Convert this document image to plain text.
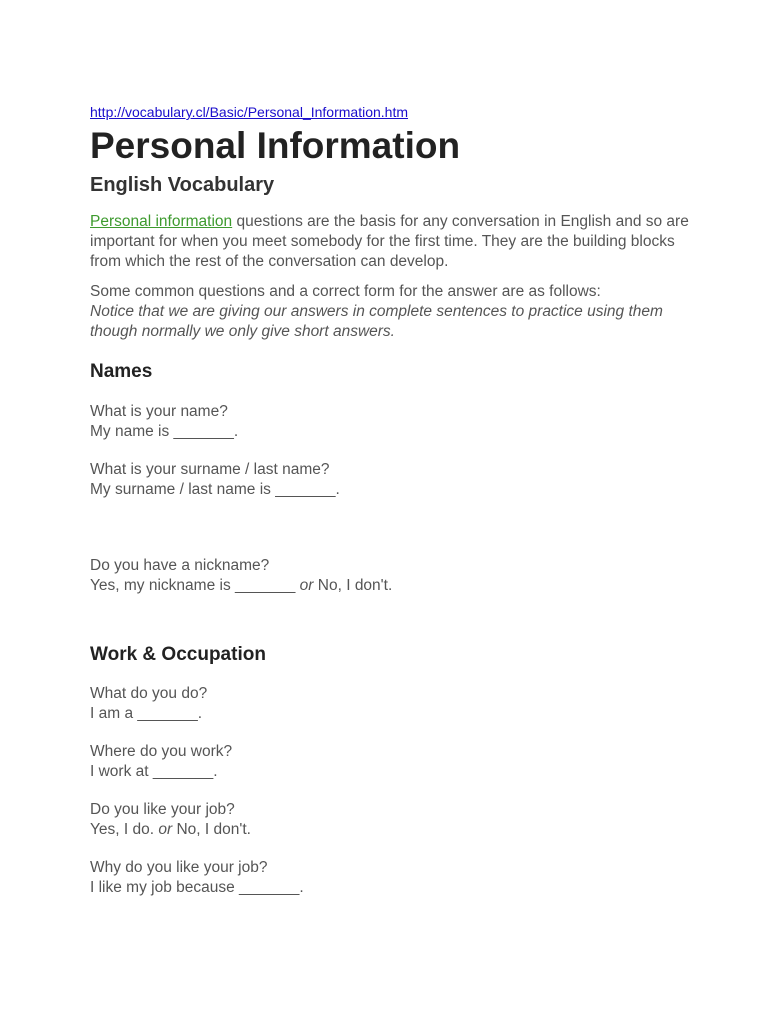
http://vocabulary.cl/Basic/Personal_Information.htm
Personal Information
English Vocabulary

Personal information questions are the basis for any conversation in English and so are important for when you meet somebody for the first time. They are the building blocks from which the rest of the conversation can develop.

Some common questions and a correct form for the answer are as follows:
Notice that we are giving our answers in complete sentences to practice using them though normally we only give short answers.

Names

What is your name?
My name is _______.

What is your surname / last name?
My surname / last name is _______.

Do you have a nickname?
Yes, my nickname is _______ or No, I don't.

Work & Occupation

What do you do?
I am a _______.

Where do you work?
I work at _______.

Do you like your job?
Yes, I do. or No, I don't.

Why do you like your job?
I like my job because _______.
